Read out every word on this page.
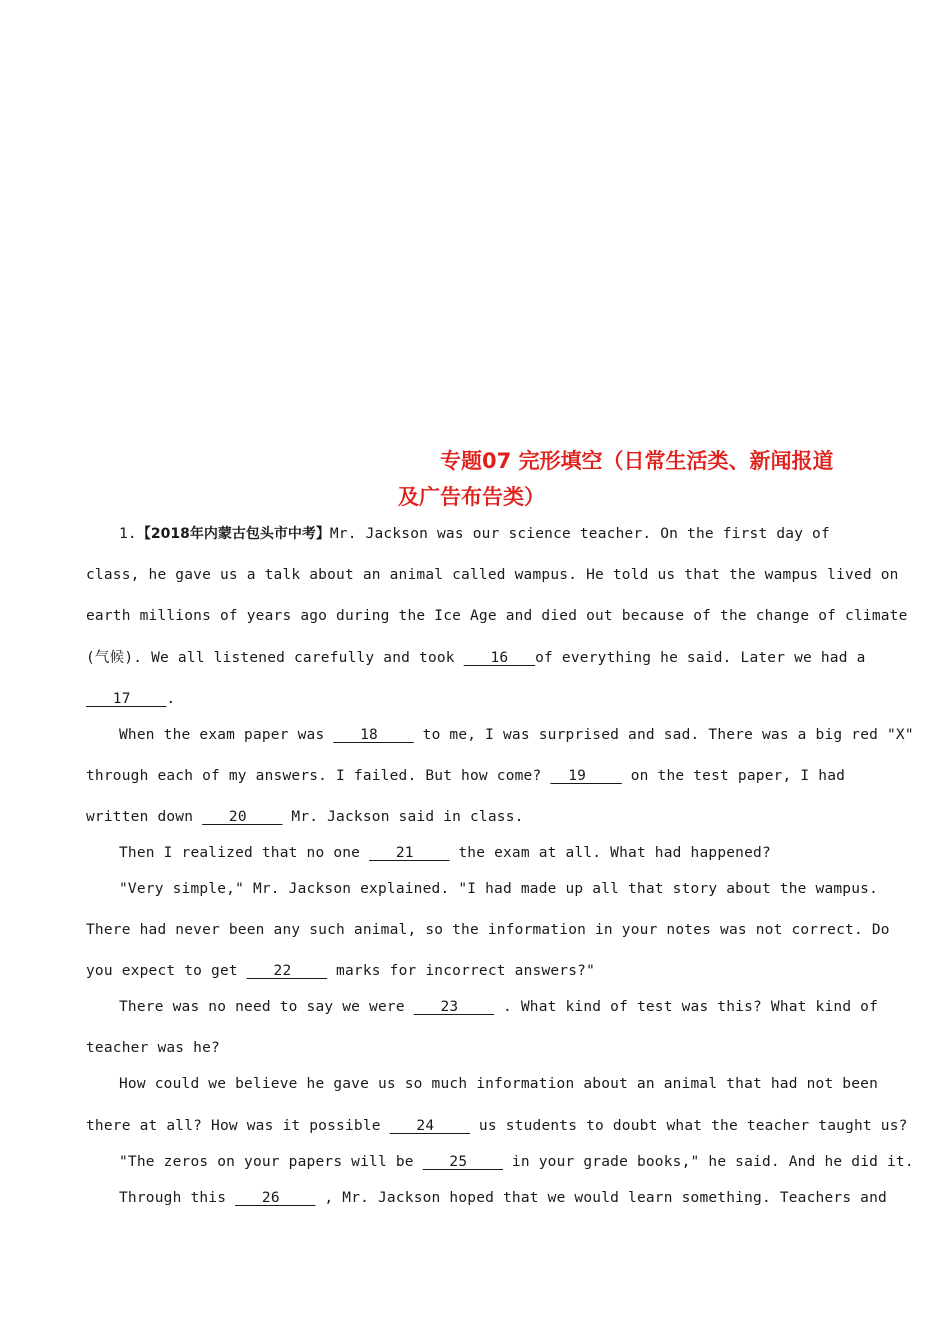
专题07 完形填空（日常生活类、新闻报道
及广告布告类）
1.【2018年内蒙古包头市中考】Mr. Jackson was our science teacher. On the first day of
class, he gave us a talk about an animal called wampus. He told us that the wampus lived on
earth millions of years ago during the Ice Age and died out because of the change of climate
(气候). We all listened carefully and took    16   of everything he said. Later we had a
17    .
When the exam paper was    18     to me, I was surprised and sad. There was a big red "X"
through each of my answers. I failed. But how come?   19     on the test paper, I had
written down    20     Mr. Jackson said in class.
Then I realized that no one    21     the exam at all. What had happened?
"Very simple," Mr. Jackson explained. "I had made up all that story about the wampus.
There had never been any such animal, so the information in your notes was not correct. Do
you expect to get    22     marks for incorrect answers?"
There was no need to say we were    23     . What kind of test was this? What kind of
teacher was he?
How could we believe he gave us so much information about an animal that had not been
there at all? How was it possible    24     us students to doubt what the teacher taught us?
"The zeros on your papers will be    25     in your grade books," he said. And he did it.
Through this    26     , Mr. Jackson hoped that we would learn something. Teachers and
